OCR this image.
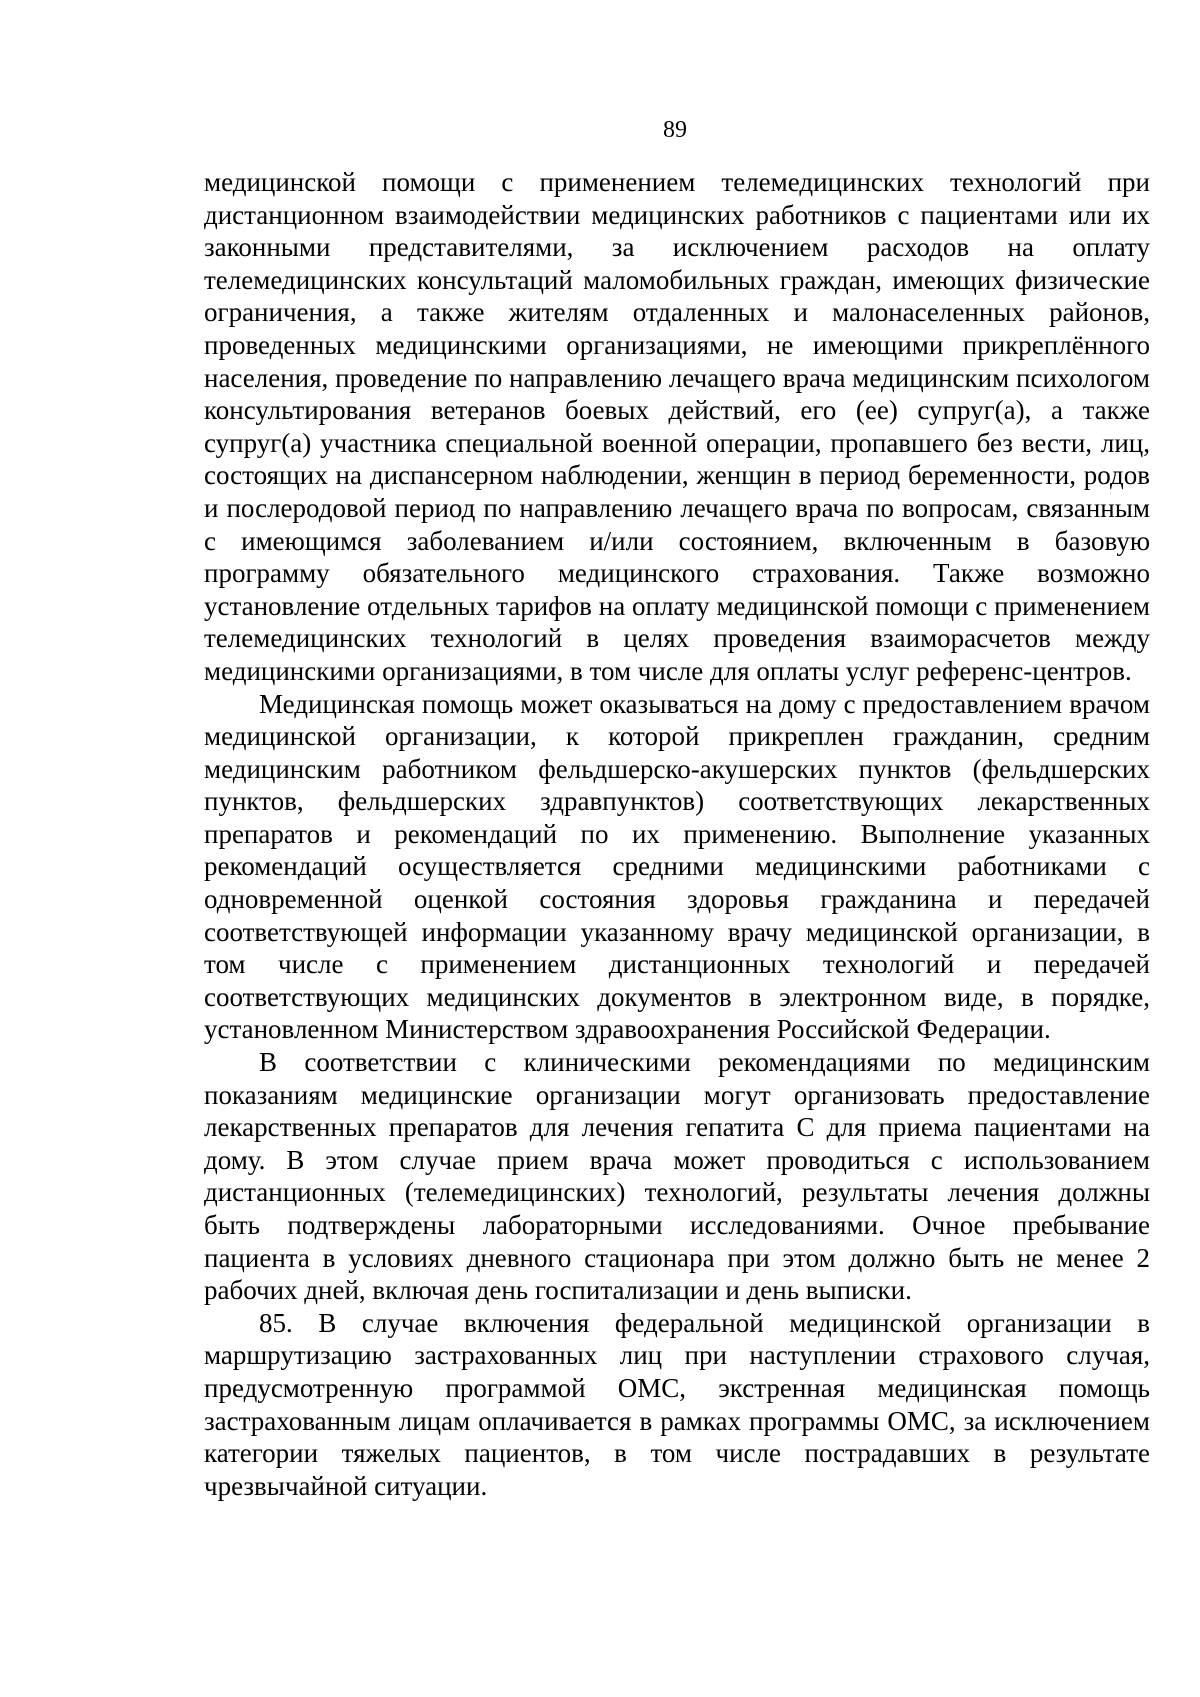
89

медицинской помощи с применением телемедицинских технологий при дистанционном взаимодействии медицинских работников с пациентами или их законными представителями, за исключением расходов на оплату телемедицинских консультаций маломобильных граждан, имеющих физические ограничения, а также жителям отдаленных и малонаселенных районов, проведенных медицинскими организациями, не имеющими прикреплённого населения, проведение по направлению лечащего врача медицинским психологом консультирования ветеранов боевых действий, его (ее) супруг(а), а также супруг(а) участника специальной военной операции, пропавшего без вести, лиц, состоящих на диспансерном наблюдении, женщин в период беременности, родов и послеродовой период по направлению лечащего врача по вопросам, связанным с имеющимся заболеванием и/или состоянием, включенным в базовую программу обязательного медицинского страхования. Также возможно установление отдельных тарифов на оплату медицинской помощи с применением телемедицинских технологий в целях проведения взаиморасчетов между медицинскими организациями, в том числе для оплаты услуг референс-центров.

Медицинская помощь может оказываться на дому с предоставлением врачом медицинской организации, к которой прикреплен гражданин, средним медицинским работником фельдшерско-акушерских пунктов (фельдшерских пунктов, фельдшерских здравпунктов) соответствующих лекарственных препаратов и рекомендаций по их применению. Выполнение указанных рекомендаций осуществляется средними медицинскими работниками с одновременной оценкой состояния здоровья гражданина и передачей соответствующей информации указанному врачу медицинской организации, в том числе с применением дистанционных технологий и передачей соответствующих медицинских документов в электронном виде, в порядке, установленном Министерством здравоохранения Российской Федерации.

В соответствии с клиническими рекомендациями по медицинским показаниям медицинские организации могут организовать предоставление лекарственных препаратов для лечения гепатита С для приема пациентами на дому. В этом случае прием врача может проводиться с использованием дистанционных (телемедицинских) технологий, результаты лечения должны быть подтверждены лабораторными исследованиями. Очное пребывание пациента в условиях дневного стационара при этом должно быть не менее 2 рабочих дней, включая день госпитализации и день выписки.

85. В случае включения федеральной медицинской организации в маршрутизацию застрахованных лиц при наступлении страхового случая, предусмотренную программой ОМС, экстренная медицинская помощь застрахованным лицам оплачивается в рамках программы ОМС, за исключением категории тяжелых пациентов, в том числе пострадавших в результате чрезвычайной ситуации.
